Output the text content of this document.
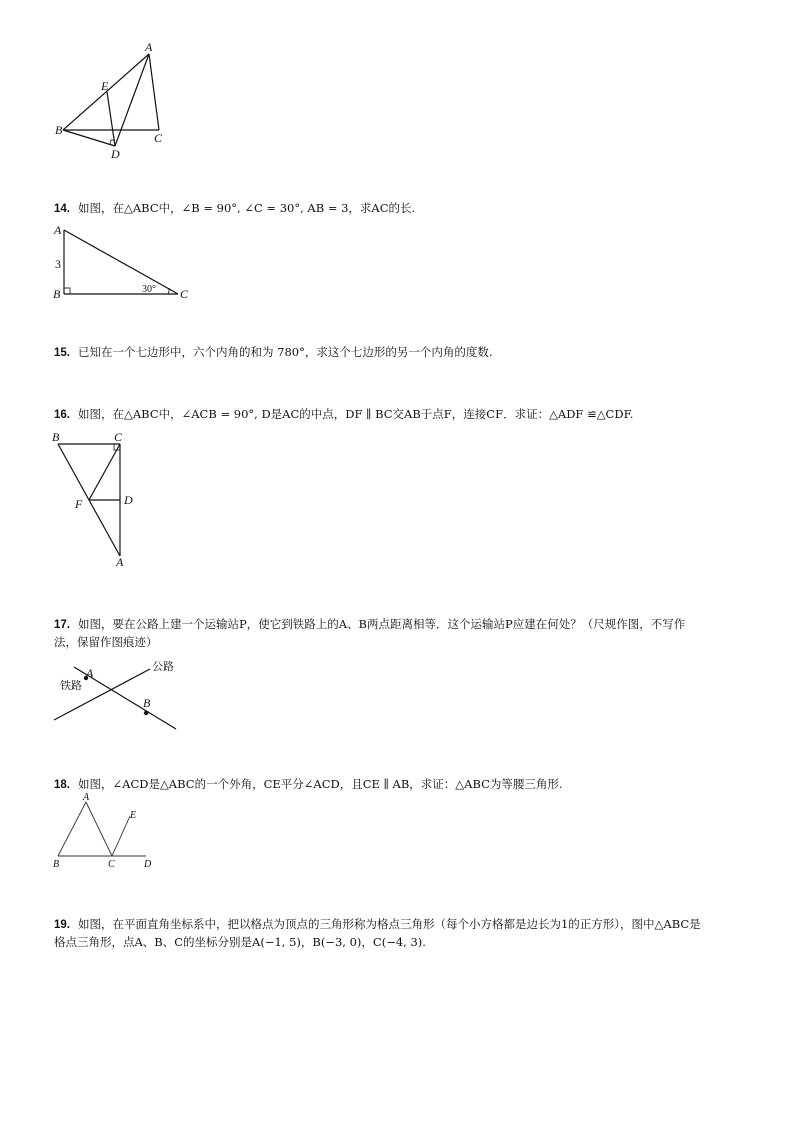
A
E
B
C
D
14. 如图，在△ABC中，∠B = 90°, ∠C = 30°, AB = 3，求AC的长.
A
3
B	30° C
15. 已知在一个七边形中，六个内角的和为 780°，求这个七边形的另一个内角的度数.
16. 如图，在△ABC中，∠ACB = 90°, D是AC的中点，DF ∥ BC交AB于点F，连接CF．求证：△ADF ≌△CDF.
B	C
F	D
A
17. 如图，要在公路上建一个运输站P，使它到铁路上的A、B两点距离相等．这个运输站P应建在何处？（尺规作图，不写作
法，保留作图痕迹）
A
铁路
公路
B
18. 如图，∠ACD是△ABC的一个外角，CE平分∠ACD，且CE ∥ AB，求证：△ABC为等腰三角形.
A
E
B	C	D
19. 如图，在平面直角坐标系中，把以格点为顶点的三角形称为格点三角形（每个小方格都是边长为1的正方形），图中△ABC是
格点三角形，点A、B、C的坐标分别是A(−1, 5)，B(−3, 0)，C(−4, 3).
